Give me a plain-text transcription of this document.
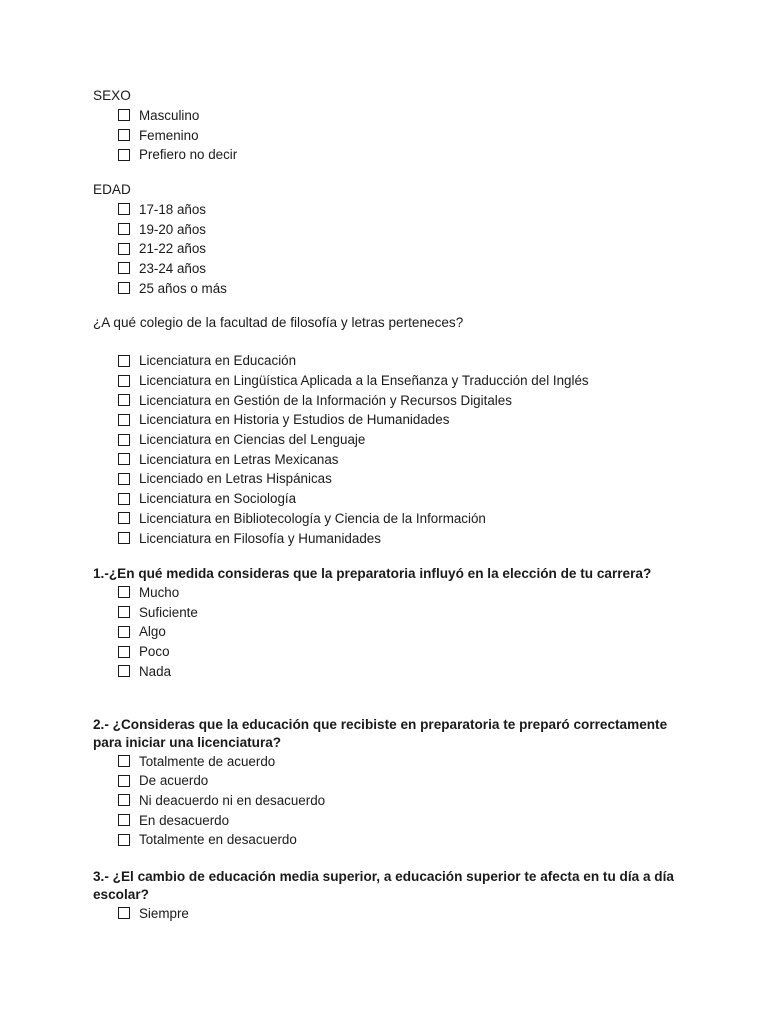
SEXO

Masculino
Femenino
Prefiero no decir

EDAD

17-18 años
19-20 años
21-22 años
23-24 años
25 años o más

¿A qué colegio de la facultad de filosofía y letras perteneces?

Licenciatura en Educación
Licenciatura en Lingüística Aplicada a la Enseñanza y Traducción del Inglés
Licenciatura en Gestión de la Información y Recursos Digitales
Licenciatura en Historia y Estudios de Humanidades
Licenciatura en Ciencias del Lenguaje
Licenciatura en Letras Mexicanas
Licenciado en Letras Hispánicas
Licenciatura en Sociología
Licenciatura en Bibliotecología y Ciencia de la Información
Licenciatura en Filosofía y Humanidades

1.-¿En qué medida consideras que la preparatoria influyó en la elección de tu carrera?

Mucho
Suficiente
Algo
Poco
Nada

2.- ¿Consideras que la educación que recibiste en preparatoria te preparó correctamente para iniciar una licenciatura?

Totalmente de acuerdo
De acuerdo
Ni deacuerdo ni en desacuerdo
En desacuerdo
Totalmente en desacuerdo

3.- ¿El cambio de educación media superior, a educación superior te afecta en tu día a día escolar?

Siempre
